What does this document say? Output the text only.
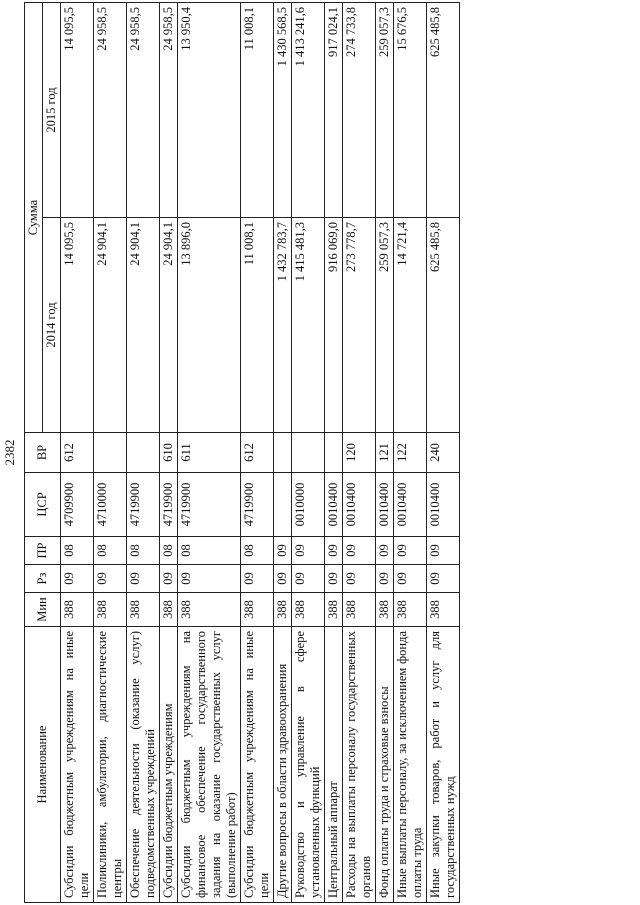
2382
Наименование	Мин	Рз	ПР	ЦСР	ВР	Сумма	
						2014 год	2015 год
Субсидии бюджетным учреждениям на иные цели	388	09	08	4709900	612	14 095,5	14 095,5
Поликлиники, амбулатории, диагностические центры	388	09	08	4710000		24 904,1	24 958,5
Обеспечение деятельности (оказание услуг) подведомственных учреждений	388	09	08	4719900		24 904,1	24 958,5
Субсидии бюджетным учреждениям	388	09	08	4719900	610	24 904,1	24 958,5
Субсидии бюджетным учреждениям на финансовое обеспечение государственного задания на оказание государственных услуг (выполнение работ)	388	09	08	4719900	611	13 896,0	13 950,4
Субсидии бюджетным учреждениям на иные цели	388	09	08	4719900	612	11 008,1	11 008,1
Другие вопросы в области здравоохранения	388	09	09			1 432 783,7	1 430 568,5
Руководство и управление в сфере установленных функций	388	09	09	0010000		1 415 481,3	1 413 241,6
Центральный аппарат	388	09	09	0010400		916 069,0	917 024,1
Расходы на выплаты персоналу государственных органов	388	09	09	0010400	120	273 778,7	274 733,8
Фонд оплаты труда и страховые взносы	388	09	09	0010400	121	259 057,3	259 057,3
Иные выплаты персоналу, за исключением фонда оплаты труда	388	09	09	0010400	122	14 721,4	15 676,5
Иные закупки товаров, работ и услуг для государственных нужд	388	09	09	0010400	240	625 485,8	625 485,8
